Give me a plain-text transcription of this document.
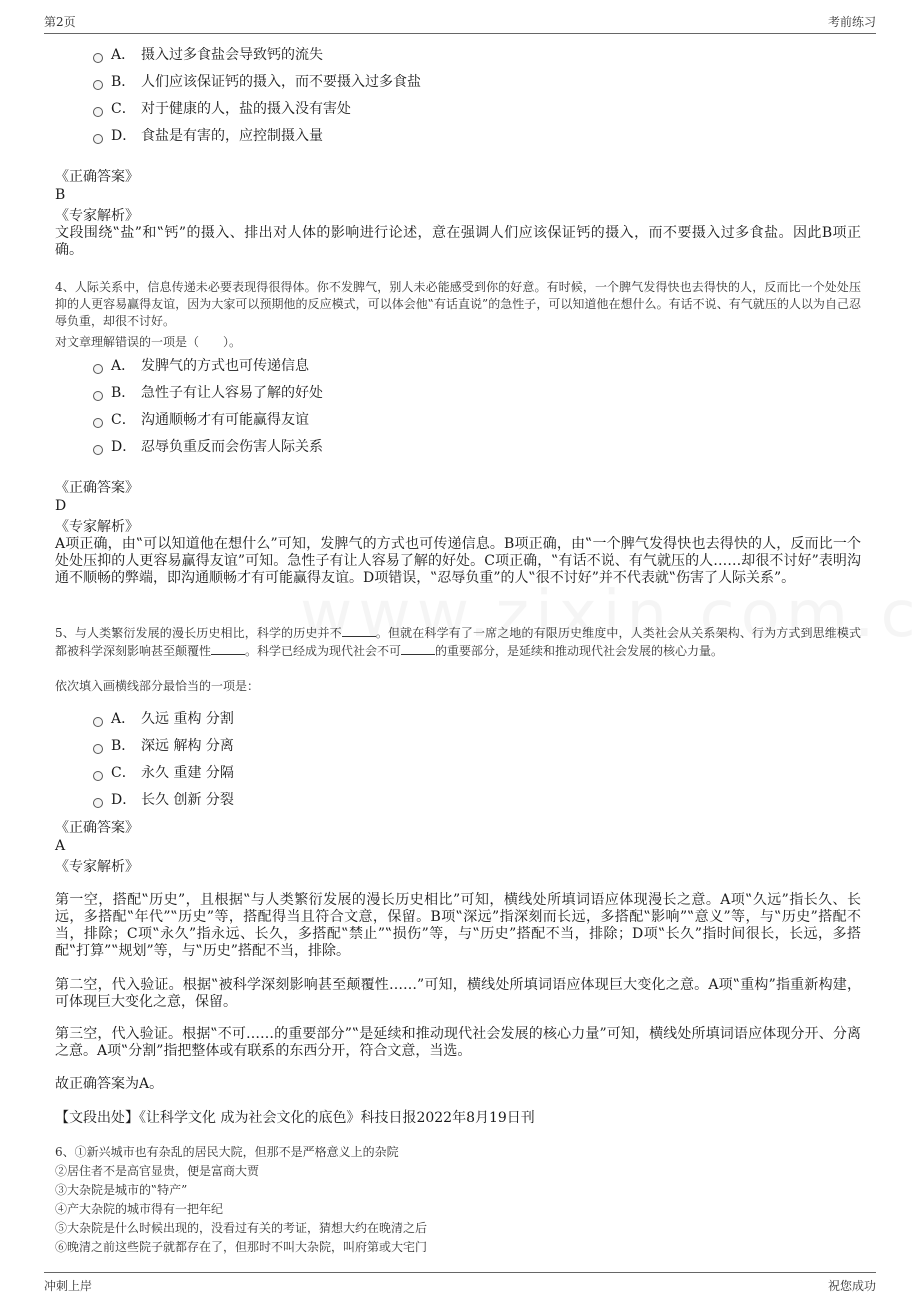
第2页	考前练习
A． 摄入过多食盐会导致钙的流失
B． 人们应该保证钙的摄入，而不要摄入过多食盐
C． 对于健康的人，盐的摄入没有害处
D． 食盐是有害的，应控制摄入量
《正确答案》
B
《专家解析》
文段围绕‟盐”和‟钙”的摄入、排出对人体的影响进行论述，意在强调人们应该保证钙的摄入，而不要摄入过多食盐。因此B项正确。
4、人际关系中，信息传递未必要表现得很得体。你不发脾气，别人未必能感受到你的好意。有时候，一个脾气发得快也去得快的人，反而比一个处处压抑的人更容易赢得友谊，因为大家可以预期他的反应模式，可以体会他‟有话直说”的急性子，可以知道他在想什么。有话不说、有气就压的人以为自己忍辱负重，却很不讨好。
对文章理解错误的一项是（　　）。
A． 发脾气的方式也可传递信息
B． 急性子有让人容易了解的好处
C． 沟通顺畅才有可能赢得友谊
D． 忍辱负重反而会伤害人际关系
《正确答案》
D
《专家解析》
A项正确，由‟可以知道他在想什么”可知，发脾气的方式也可传递信息。B项正确，由‟一个脾气发得快也去得快的人，反而比一个处处压抑的人更容易赢得友谊”可知。急性子有让人容易了解的好处。C项正确，‟有话不说、有气就压的人……却很不讨好”表明沟通不顺畅的弊端，即沟通顺畅才有可能赢得友谊。D项错误，‟忍辱负重”的人‟很不讨好”并不代表就‟伤害了人际关系”。
5、与人类繁衍发展的漫长历史相比，科学的历史并不	。但就在科学有了一席之地的有限历史维度中，人类社会从关系架构、行为方式到思维模式都被科学深刻影响甚至颠覆性	。科学已经成为现代社会不可	的重要部分，是延续和推动现代社会发展的核心力量。
依次填入画横线部分最恰当的一项是：
A． 久远 重构 分割
B． 深远 解构 分离
C． 永久 重建 分隔
D． 长久 创新 分裂
《正确答案》
A
《专家解析》
第一空，搭配‟历史”，且根据‟与人类繁衍发展的漫长历史相比”可知，横线处所填词语应体现漫长之意。A项‟久远”指长久、长远，多搭配‟年代”‟历史”等，搭配得当且符合文意，保留。B项‟深远”指深刻而长远，多搭配‟影响”‟意义”等，与‟历史”搭配不当，排除；C项‟永久”指永远、长久，多搭配‟禁止”‟损伤”等，与‟历史”搭配不当，排除；D项‟长久”指时间很长，长远，多搭配‟打算”‟规划”等，与‟历史”搭配不当，排除。
第二空，代入验证。根据‟被科学深刻影响甚至颠覆性……”可知，横线处所填词语应体现巨大变化之意。A项‟重构”指重新构建，可体现巨大变化之意，保留。
第三空，代入验证。根据‟不可……的重要部分”‟是延续和推动现代社会发展的核心力量”可知，横线处所填词语应体现分开、分离之意。A项‟分割”指把整体或有联系的东西分开，符合文意，当选。
故正确答案为A。
【文段出处】《让科学文化 成为社会文化的底色》科技日报2022年8月19日刊
6、①新兴城市也有杂乱的居民大院，但那不是严格意义上的杂院
②居住者不是高官显贵，便是富商大贾
③大杂院是城市的‟特产”
④产大杂院的城市得有一把年纪
⑤大杂院是什么时候出现的，没看过有关的考证，猜想大约在晚清之后
⑥晚清之前这些院子就都存在了，但那时不叫大杂院，叫府第或大宅门
冲刺上岸	祝您成功
